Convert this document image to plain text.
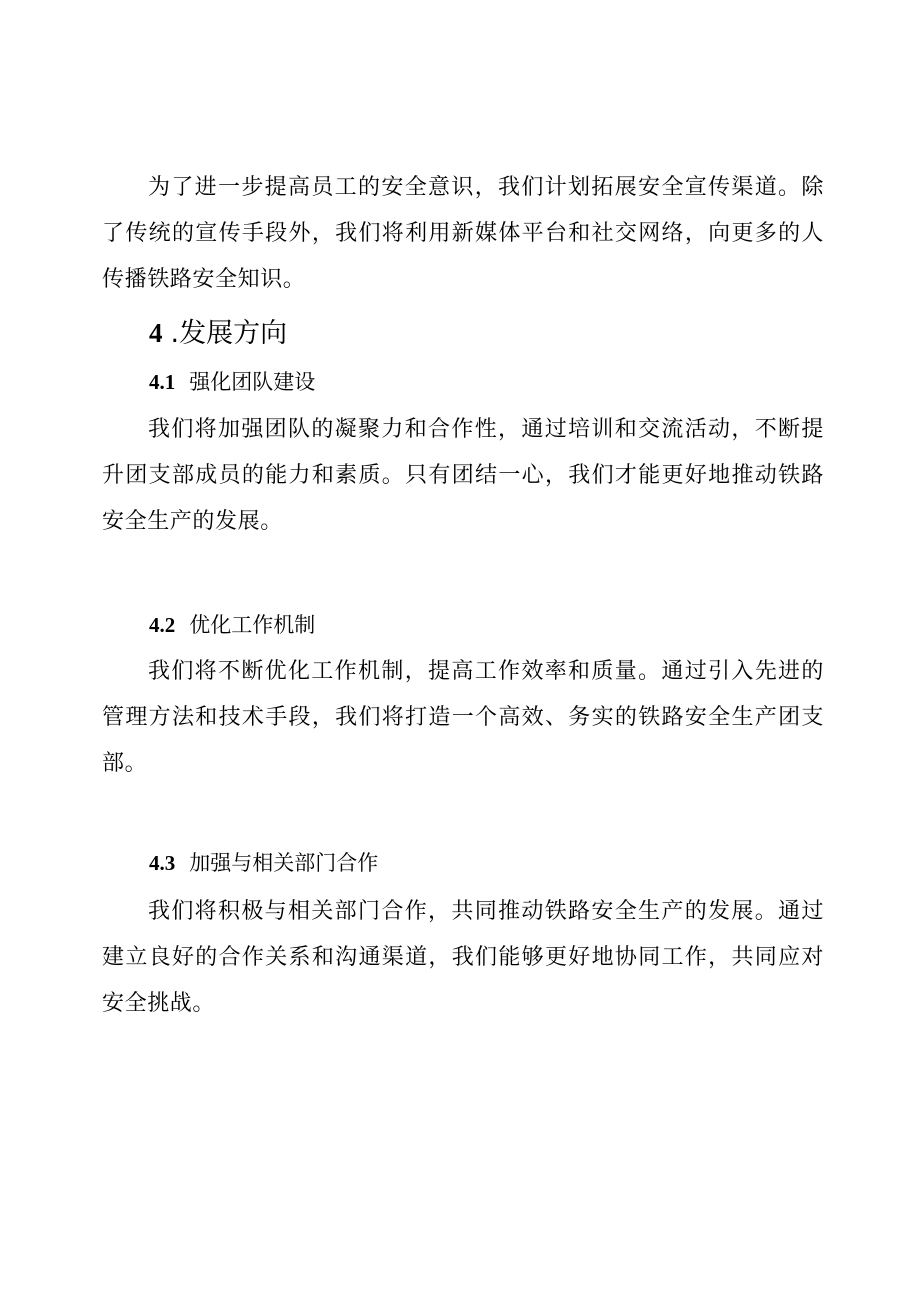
为了进一步提高员工的安全意识，我们计划拓展安全宣传渠道。除了传统的宣传手段外，我们将利用新媒体平台和社交网络，向更多的人传播铁路安全知识。

4 .发展方向
4.1 强化团队建设

我们将加强团队的凝聚力和合作性，通过培训和交流活动，不断提升团支部成员的能力和素质。只有团结一心，我们才能更好地推动铁路安全生产的发展。

4.2 优化工作机制

我们将不断优化工作机制，提高工作效率和质量。通过引入先进的管理方法和技术手段，我们将打造一个高效、务实的铁路安全生产团支部。

4.3 加强与相关部门合作

我们将积极与相关部门合作，共同推动铁路安全生产的发展。通过建立良好的合作关系和沟通渠道，我们能够更好地协同工作，共同应对安全挑战。
